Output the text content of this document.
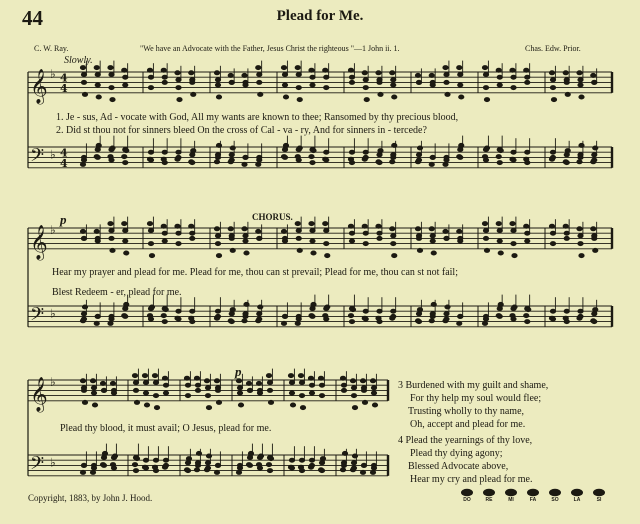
44	Plead for Me.
C. W. Ray.	"We have an Advocate with the Father, Jesus Christ the righteous "—1 John ii. 1.	Chas. Edw. Prior.
Slowly.
𝄞 ♭ 4
4
𝄢 ♭ 4
4
𝄞 ♭
𝄢 ♭
𝄞 ♭
𝄢 ♭
1. Je - sus, Ad - vocate with God, All my wants are known to thee; Ransomed by thy precious blood,
2. Did st thou not for sinners bleed On the cross of Cal - va - ry, And for sinners in - tercede?
CHORUS.
p
Hear my prayer and plead for me. Plead for me, thou can st prevail; Plead for me, thou can st not fail;
Blest Redeem - er, plead for me.
p
Plead thy blood, it must avail; O Jesus, plead for me.
3 Burdened with my guilt and shame,
For thy help my soul would flee;
Trusting wholly to thy name,
Oh, accept and plead for me.
4 Plead the yearnings of thy love,
Plead thy dying agony;
Blessed Advocate above,
Hear my cry and plead for me.
Copyright, 1883, by John J. Hood.	DO	RE	MI	FA	SO	LA	SI
